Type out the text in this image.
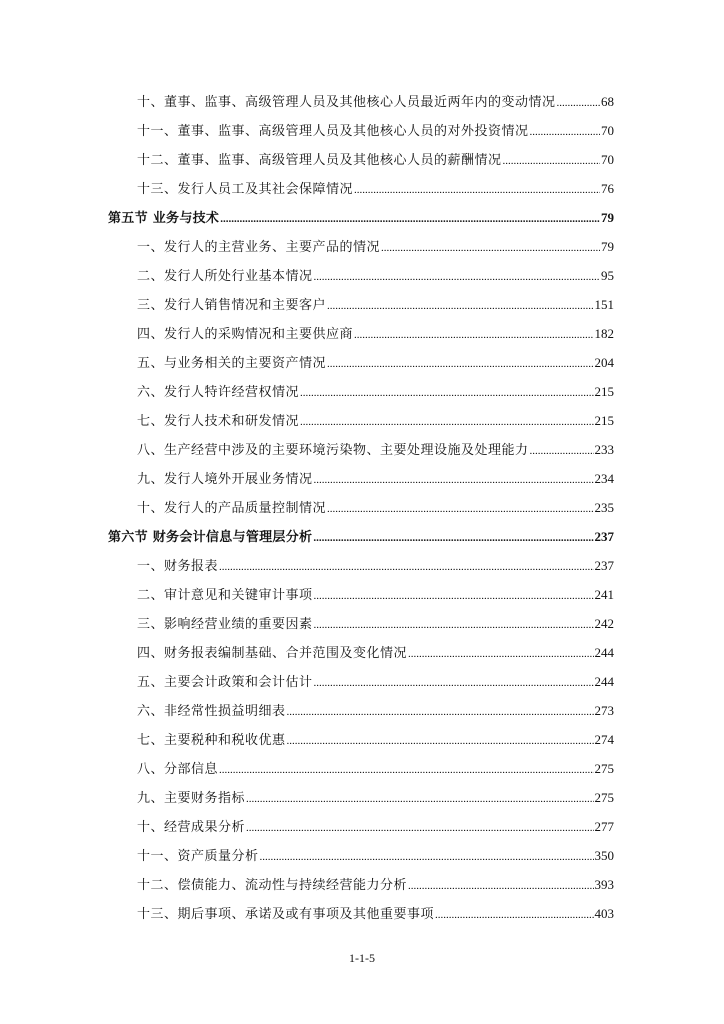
十、董事、监事、高级管理人员及其他核心人员最近两年内的变动情况 .....	68
十一、董事、监事、高级管理人员及其他核心人员的对外投资情况 .....	70
十二、董事、监事、高级管理人员及其他核心人员的薪酬情况 .....	70
十三、发行人员工及其社会保障情况 .....	76
第五节 业务与技术 .....	79
一、发行人的主营业务、主要产品的情况 .....	79
二、发行人所处行业基本情况 .....	95
三、发行人销售情况和主要客户 .....	151
四、发行人的采购情况和主要供应商 .....	182
五、与业务相关的主要资产情况 .....	204
六、发行人特许经营权情况 .....	215
七、发行人技术和研发情况 .....	215
八、生产经营中涉及的主要环境污染物、主要处理设施及处理能力 .....	233
九、发行人境外开展业务情况 .....	234
十、发行人的产品质量控制情况 .....	235
第六节 财务会计信息与管理层分析 .....	237
一、财务报表 .....	237
二、审计意见和关键审计事项 .....	241
三、影响经营业绩的重要因素 .....	242
四、财务报表编制基础、合并范围及变化情况 .....	244
五、主要会计政策和会计估计 .....	244
六、非经常性损益明细表 .....	273
七、主要税种和税收优惠 .....	274
八、分部信息 .....	275
九、主要财务指标 .....	275
十、经营成果分析 .....	277
十一、资产质量分析 .....	350
十二、偿债能力、流动性与持续经营能力分析 .....	393
十三、期后事项、承诺及或有事项及其他重要事项 .....	403
1-1-5
